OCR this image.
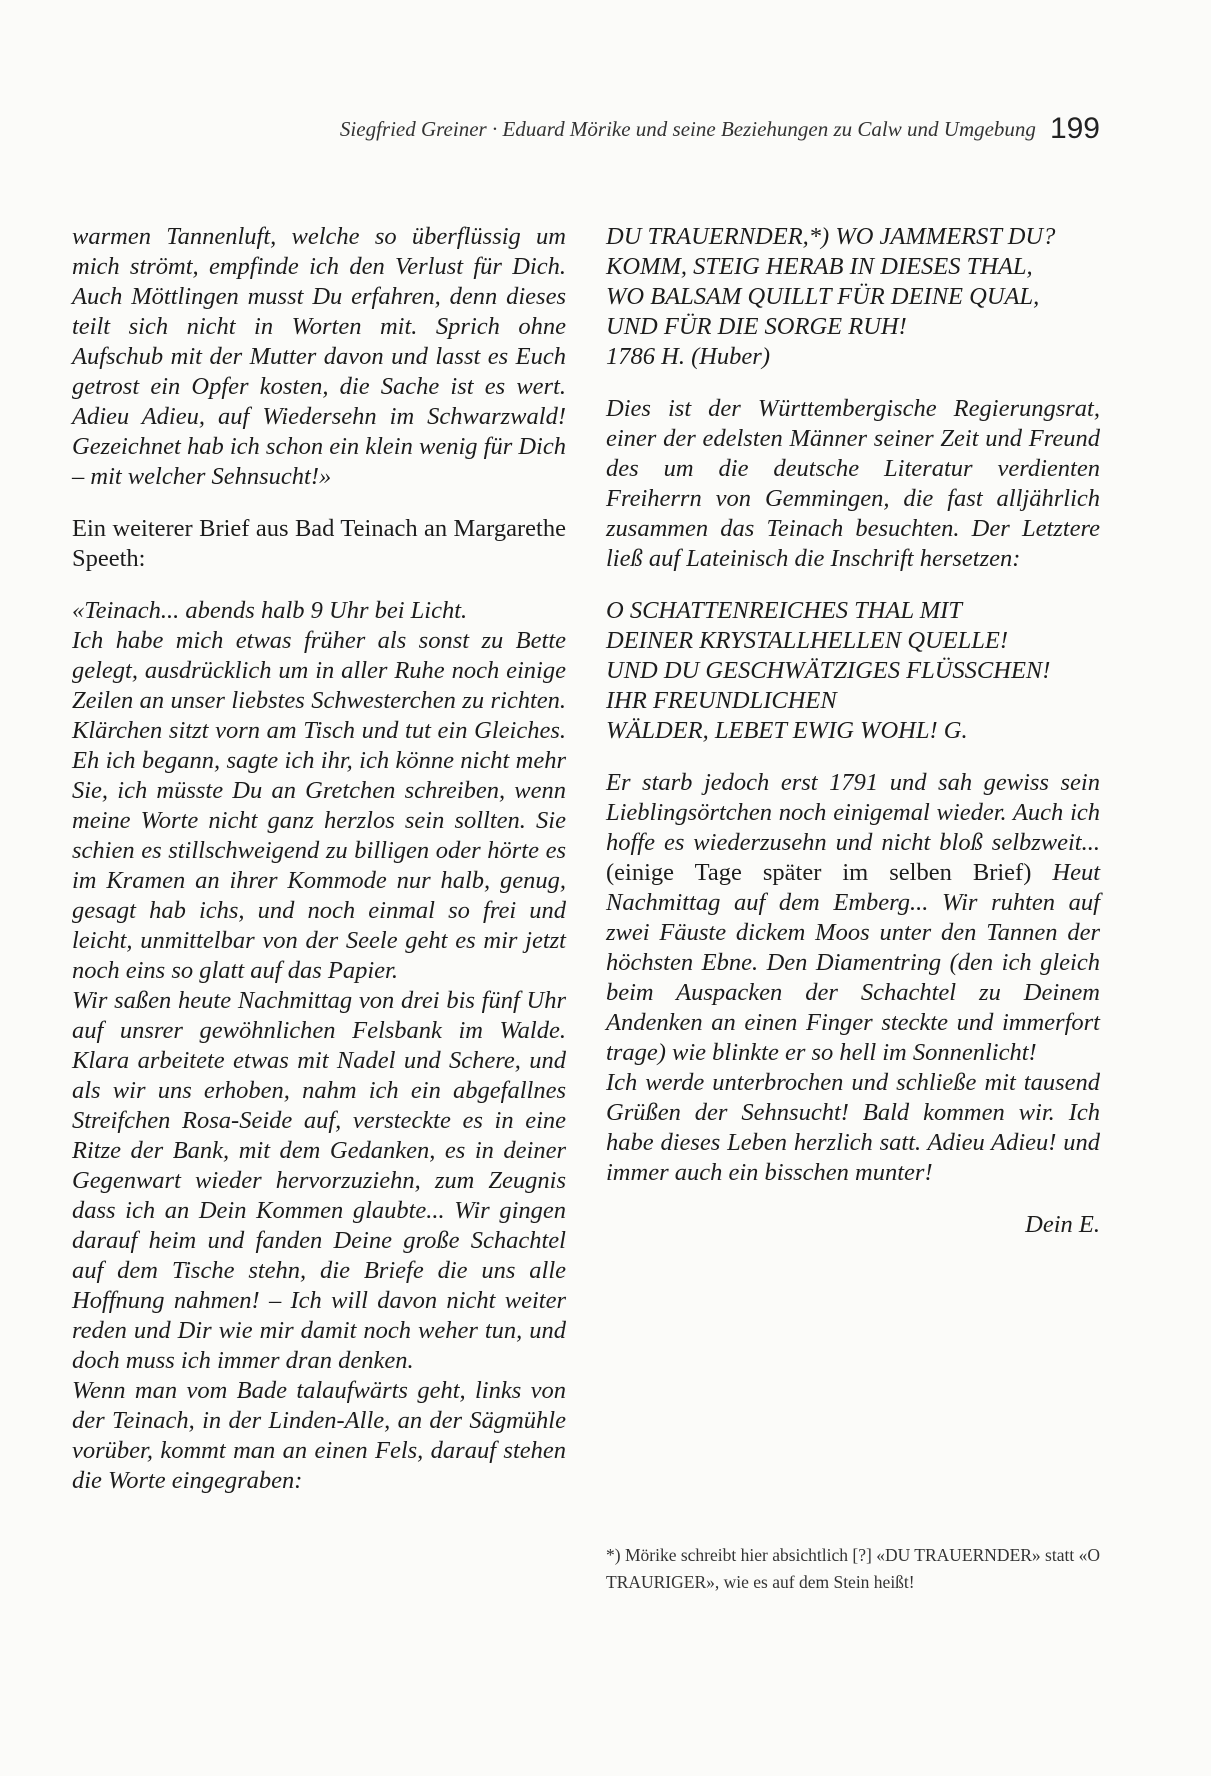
Siegfried Greiner · Eduard Mörike und seine Beziehungen zu Calw und Umgebung 199

warmen Tannenluft, welche so überflüssig um mich strömt, empfinde ich den Verlust für Dich. Auch Möttlingen musst Du erfahren, denn dieses teilt sich nicht in Worten mit. Sprich ohne Aufschub mit der Mutter davon und lasst es Euch getrost ein Opfer kosten, die Sache ist es wert. Adieu Adieu, auf Wiedersehn im Schwarzwald! Gezeichnet hab ich schon ein klein wenig für Dich – mit welcher Sehnsucht!»

Ein weiterer Brief aus Bad Teinach an Margarethe Speeth:

«Teinach... abends halb 9 Uhr bei Licht.

Ich habe mich etwas früher als sonst zu Bette gelegt, ausdrücklich um in aller Ruhe noch einige Zeilen an unser liebstes Schwesterchen zu richten. Klärchen sitzt vorn am Tisch und tut ein Gleiches. Eh ich begann, sagte ich ihr, ich könne nicht mehr Sie, ich müsste Du an Gretchen schreiben, wenn meine Worte nicht ganz herzlos sein sollten. Sie schien es stillschweigend zu billigen oder hörte es im Kramen an ihrer Kommode nur halb, genug, gesagt hab ichs, und noch einmal so frei und leicht, unmittelbar von der Seele geht es mir jetzt noch eins so glatt auf das Papier.

Wir saßen heute Nachmittag von drei bis fünf Uhr auf unsrer gewöhnlichen Felsbank im Walde. Klara arbeitete etwas mit Nadel und Schere, und als wir uns erhoben, nahm ich ein abgefallnes Streifchen Rosa-Seide auf, versteckte es in eine Ritze der Bank, mit dem Gedanken, es in deiner Gegenwart wieder hervorzuziehn, zum Zeugnis dass ich an Dein Kommen glaubte... Wir gingen darauf heim und fanden Deine große Schachtel auf dem Tische stehn, die Briefe die uns alle Hoffnung nahmen! – Ich will davon nicht weiter reden und Dir wie mir damit noch weher tun, und doch muss ich immer dran denken.

Wenn man vom Bade talaufwärts geht, links von der Teinach, in der Linden-Alle, an der Sägmühle vorüber, kommt man an einen Fels, darauf stehen die Worte eingegraben:

DU TRAUERNDER,*) WO JAMMERST DU?

KOMM, STEIG HERAB IN DIESES THAL,

WO BALSAM QUILLT FÜR DEINE QUAL,

UND FÜR DIE SORGE RUH!

1786 H. (Huber)

Dies ist der Württembergische Regierungsrat, einer der edelsten Männer seiner Zeit und Freund des um die deutsche Literatur verdienten Freiherrn von Gemmingen, die fast alljährlich zusammen das Teinach besuchten. Der Letztere ließ auf Lateinisch die Inschrift hersetzen:

O SCHATTENREICHES THAL MIT

DEINER KRYSTALLHELLEN QUELLE!

UND DU GESCHWÄTZIGES FLÜSSCHEN!

IHR FREUNDLICHEN

WÄLDER, LEBET EWIG WOHL! G.

Er starb jedoch erst 1791 und sah gewiss sein Lieblingsörtchen noch einigemal wieder. Auch ich hoffe es wiederzusehn und nicht bloß selbzweit... (einige Tage später im selben Brief) Heut Nachmittag auf dem Emberg... Wir ruhten auf zwei Fäuste dickem Moos unter den Tannen der höchsten Ebne. Den Diamentring (den ich gleich beim Auspacken der Schachtel zu Deinem Andenken an einen Finger steckte und immerfort trage) wie blinkte er so hell im Sonnenlicht!

Ich werde unterbrochen und schließe mit tausend Grüßen der Sehnsucht! Bald kommen wir. Ich habe dieses Leben herzlich satt. Adieu Adieu! und immer auch ein bisschen munter!

Dein E.

*) Mörike schreibt hier absichtlich [?] «DU TRAUERNDER» statt «O TRAURIGER», wie es auf dem Stein heißt!
